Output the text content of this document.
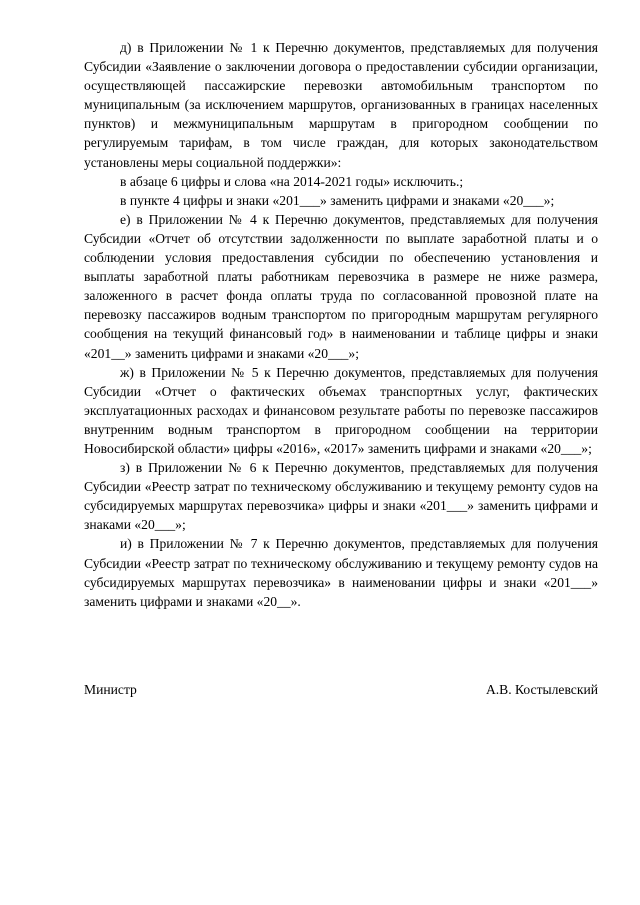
д) в Приложении № 1 к Перечню документов, представляемых для получения Субсидии «Заявление о заключении договора о предоставлении субсидии организации, осуществляющей пассажирские перевозки автомобильным транспортом по муниципальным (за исключением маршрутов, организованных в границах населенных пунктов) и межмуниципальным маршрутам в пригородном сообщении по регулируемым тарифам, в том числе граждан, для которых законодательством установлены меры социальной поддержки»:

в абзаце 6 цифры и слова «на 2014-2021 годы» исключить.;

в пункте 4 цифры и знаки «201___» заменить цифрами и знаками «20___»;

е) в Приложении № 4 к Перечню документов, представляемых для получения Субсидии «Отчет об отсутствии задолженности по выплате заработной платы и о соблюдении условия предоставления субсидии по обеспечению установления и выплаты заработной платы работникам перевозчика в размере не ниже размера, заложенного в расчет фонда оплаты труда по согласованной провозной плате на перевозку пассажиров водным транспортом по пригородным маршрутам регулярного сообщения на текущий финансовый год» в наименовании и таблице цифры и знаки «201__» заменить цифрами и знаками «20___»;

ж) в Приложении № 5 к Перечню документов, представляемых для получения Субсидии «Отчет о фактических объемах транспортных услуг, фактических эксплуатационных расходах и финансовом результате работы по перевозке пассажиров внутренним водным транспортом в пригородном сообщении на территории Новосибирской области» цифры «2016», «2017» заменить цифрами и знаками «20___»;

з) в Приложении № 6 к Перечню документов, представляемых для получения Субсидии «Реестр затрат по техническому обслуживанию и текущему ремонту судов на субсидируемых маршрутах перевозчика» цифры и знаки «201___» заменить цифрами и знаками «20___»;

и) в Приложении № 7 к Перечню документов, представляемых для получения Субсидии «Реестр затрат по техническому обслуживанию и текущему ремонту судов на субсидируемых маршрутах перевозчика» в наименовании цифры и знаки «201___» заменить цифрами и знаками «20__».

Министр	А.В. Костылевский
